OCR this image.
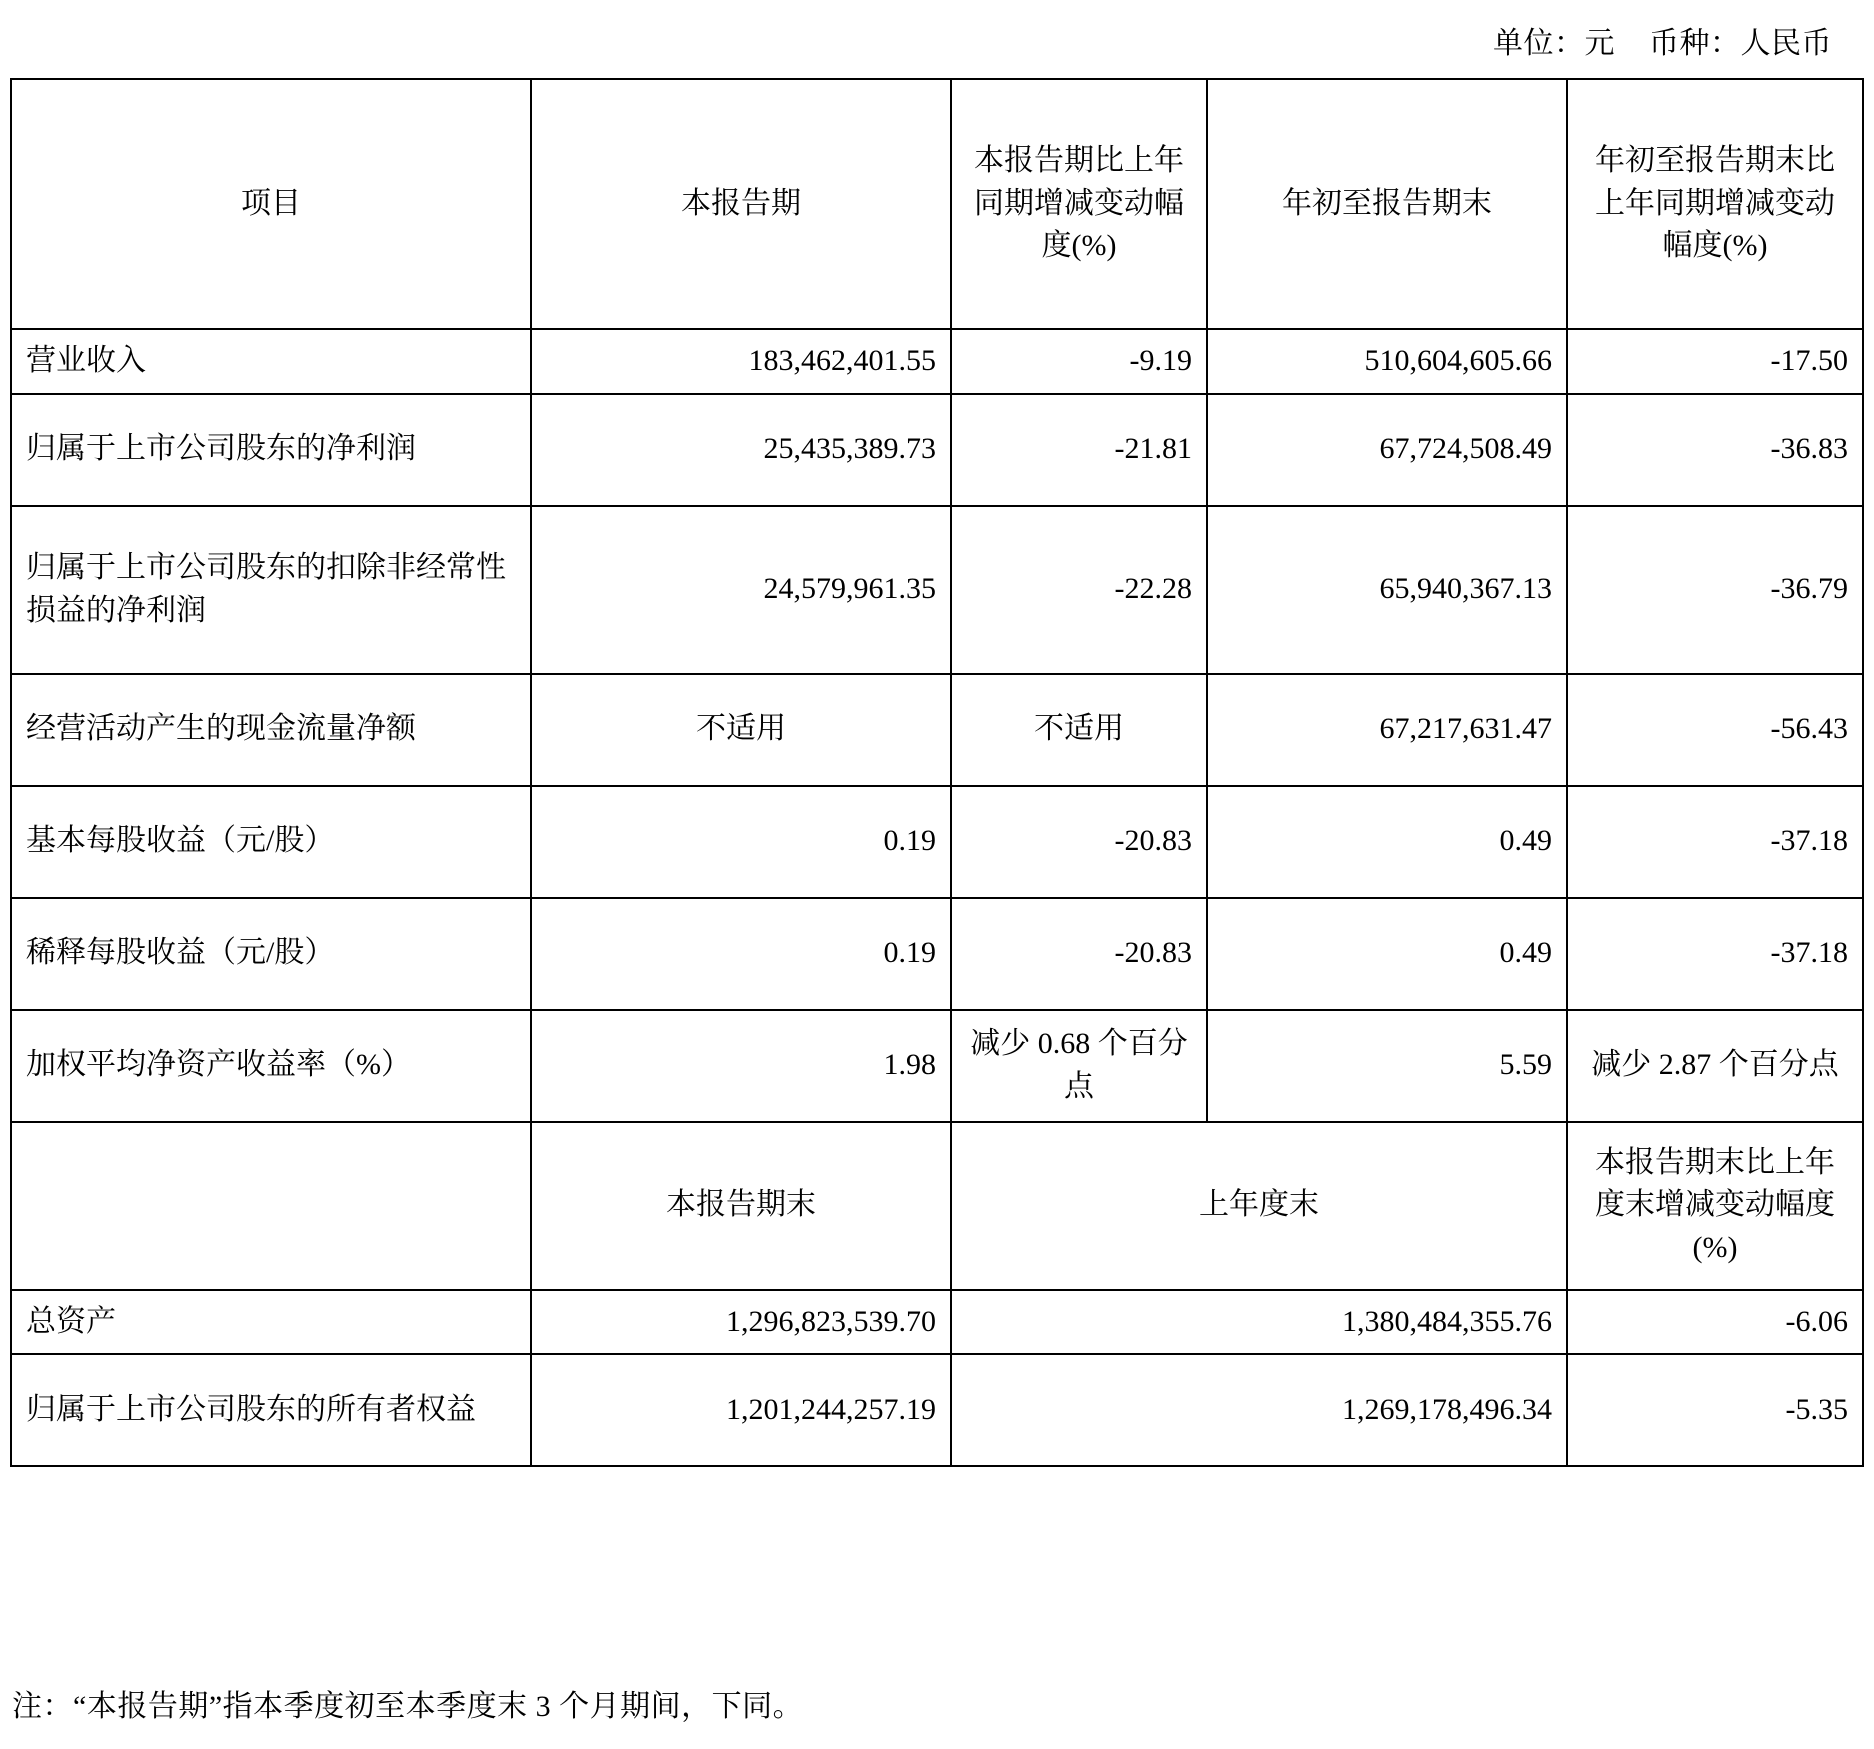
单位：元 币种：人民币
项目	本报告期	本报告期比上年同期增减变动幅度(%)	年初至报告期末	年初至报告期末比上年同期增减变动幅度(%)
营业收入	183,462,401.55	-9.19	510,604,605.66	-17.50
归属于上市公司股东的净利润	25,435,389.73	-21.81	67,724,508.49	-36.83
归属于上市公司股东的扣除非经常性损益的净利润	24,579,961.35	-22.28	65,940,367.13	-36.79
经营活动产生的现金流量净额	不适用	不适用	67,217,631.47	-56.43
基本每股收益（元/股）	0.19	-20.83	0.49	-37.18
稀释每股收益（元/股）	0.19	-20.83	0.49	-37.18
加权平均净资产收益率（%）	1.98	减少 0.68 个百分点	5.59	减少 2.87 个百分点
	本报告期末	上年度末		本报告期末比上年度末增减变动幅度(%)
总资产	1,296,823,539.70	1,380,484,355.76		-6.06
归属于上市公司股东的所有者权益	1,201,244,257.19	1,269,178,496.34		-5.35
注：“本报告期”指本季度初至本季度末 3 个月期间，下同。
